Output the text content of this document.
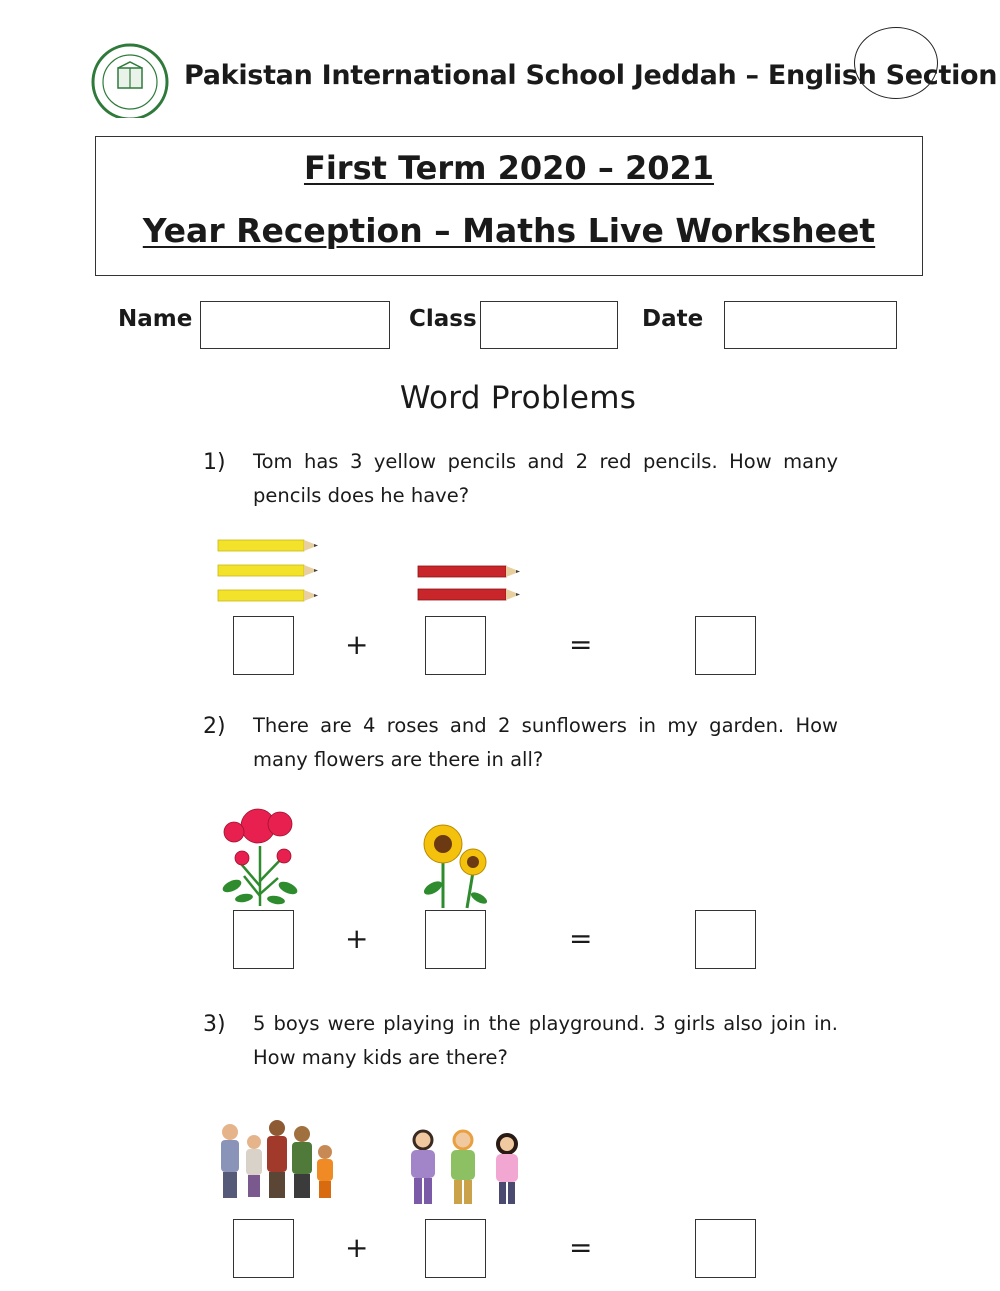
Pakistan International School Jeddah – English Section
First Term 2020 – 2021
Year Reception – Maths Live Worksheet
Name	Class	Date
Word Problems
1) Tom has 3 yellow pencils and 2 red pencils. How many pencils does he have?
+	=
2) There are 4 roses and 2 sunflowers in my garden. How many flowers are there in all?
+	=
3) 5 boys were playing in the playground. 3 girls also join in. How many kids are there?
+	=
